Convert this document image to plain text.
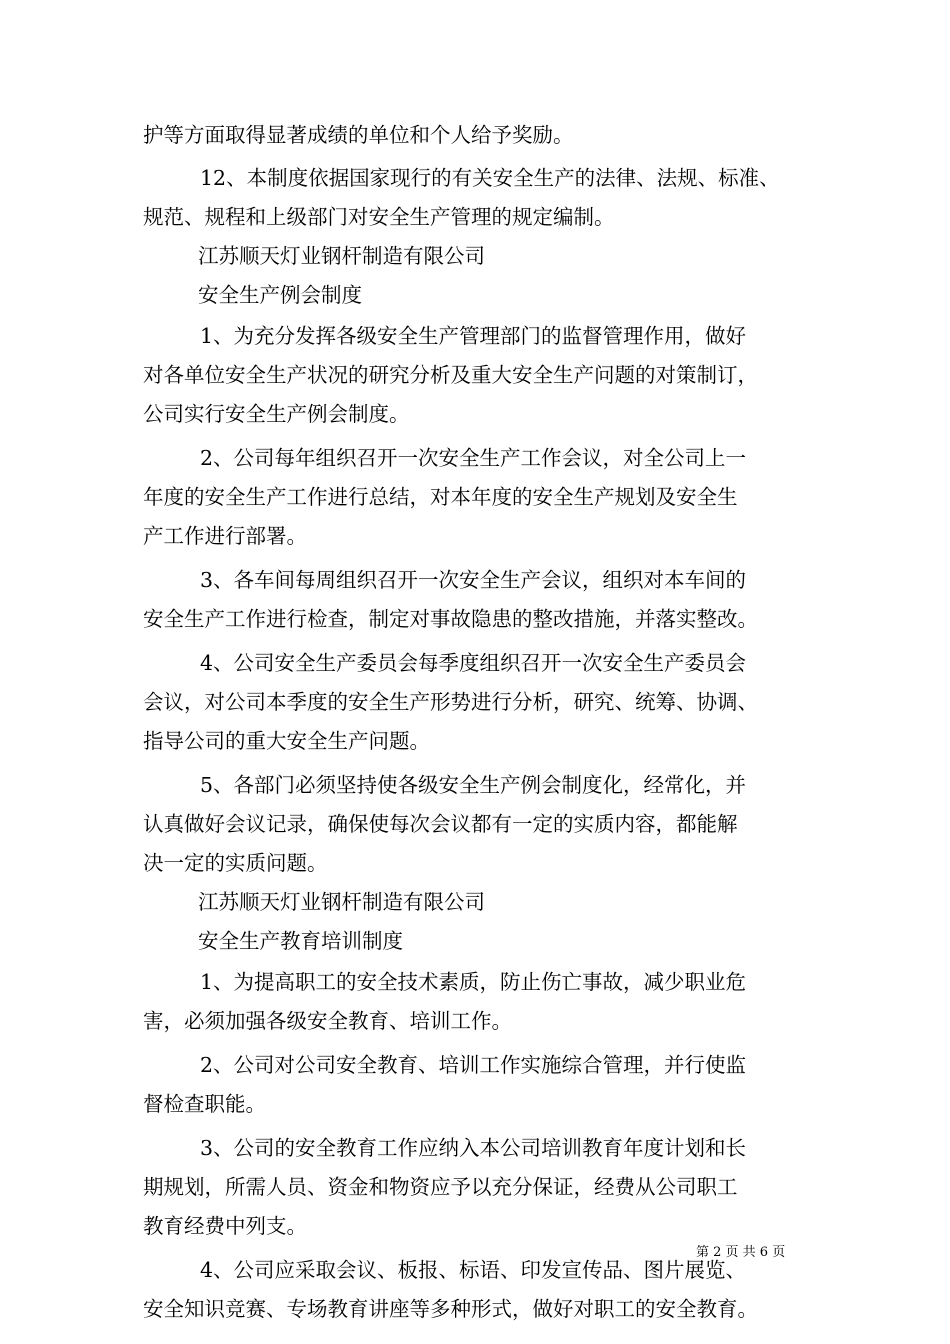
护等方面取得显著成绩的单位和个人给予奖励。
12、本制度依据国家现行的有关安全生产的法律、法规、标准、
规范、规程和上级部门对安全生产管理的规定编制。
江苏顺天灯业钢杆制造有限公司
安全生产例会制度
1、为充分发挥各级安全生产管理部门的监督管理作用，做好
对各单位安全生产状况的研究分析及重大安全生产问题的对策制订，
公司实行安全生产例会制度。
2、公司每年组织召开一次安全生产工作会议，对全公司上一
年度的安全生产工作进行总结，对本年度的安全生产规划及安全生
产工作进行部署。
3、各车间每周组织召开一次安全生产会议，组织对本车间的
安全生产工作进行检查，制定对事故隐患的整改措施，并落实整改。
4、公司安全生产委员会每季度组织召开一次安全生产委员会
会议，对公司本季度的安全生产形势进行分析，研究、统筹、协调、
指导公司的重大安全生产问题。
5、各部门必须坚持使各级安全生产例会制度化，经常化，并
认真做好会议记录，确保使每次会议都有一定的实质内容，都能解
决一定的实质问题。
江苏顺天灯业钢杆制造有限公司
安全生产教育培训制度
1、为提高职工的安全技术素质，防止伤亡事故，减少职业危
害，必须加强各级安全教育、培训工作。
2、公司对公司安全教育、培训工作实施综合管理，并行使监
督检查职能。
3、公司的安全教育工作应纳入本公司培训教育年度计划和长
期规划，所需人员、资金和物资应予以充分保证，经费从公司职工
教育经费中列支。
4、公司应采取会议、板报、标语、印发宣传品、图片展览、
安全知识竞赛、专场教育讲座等多种形式，做好对职工的安全教育。
第 2 页 共 6 页
